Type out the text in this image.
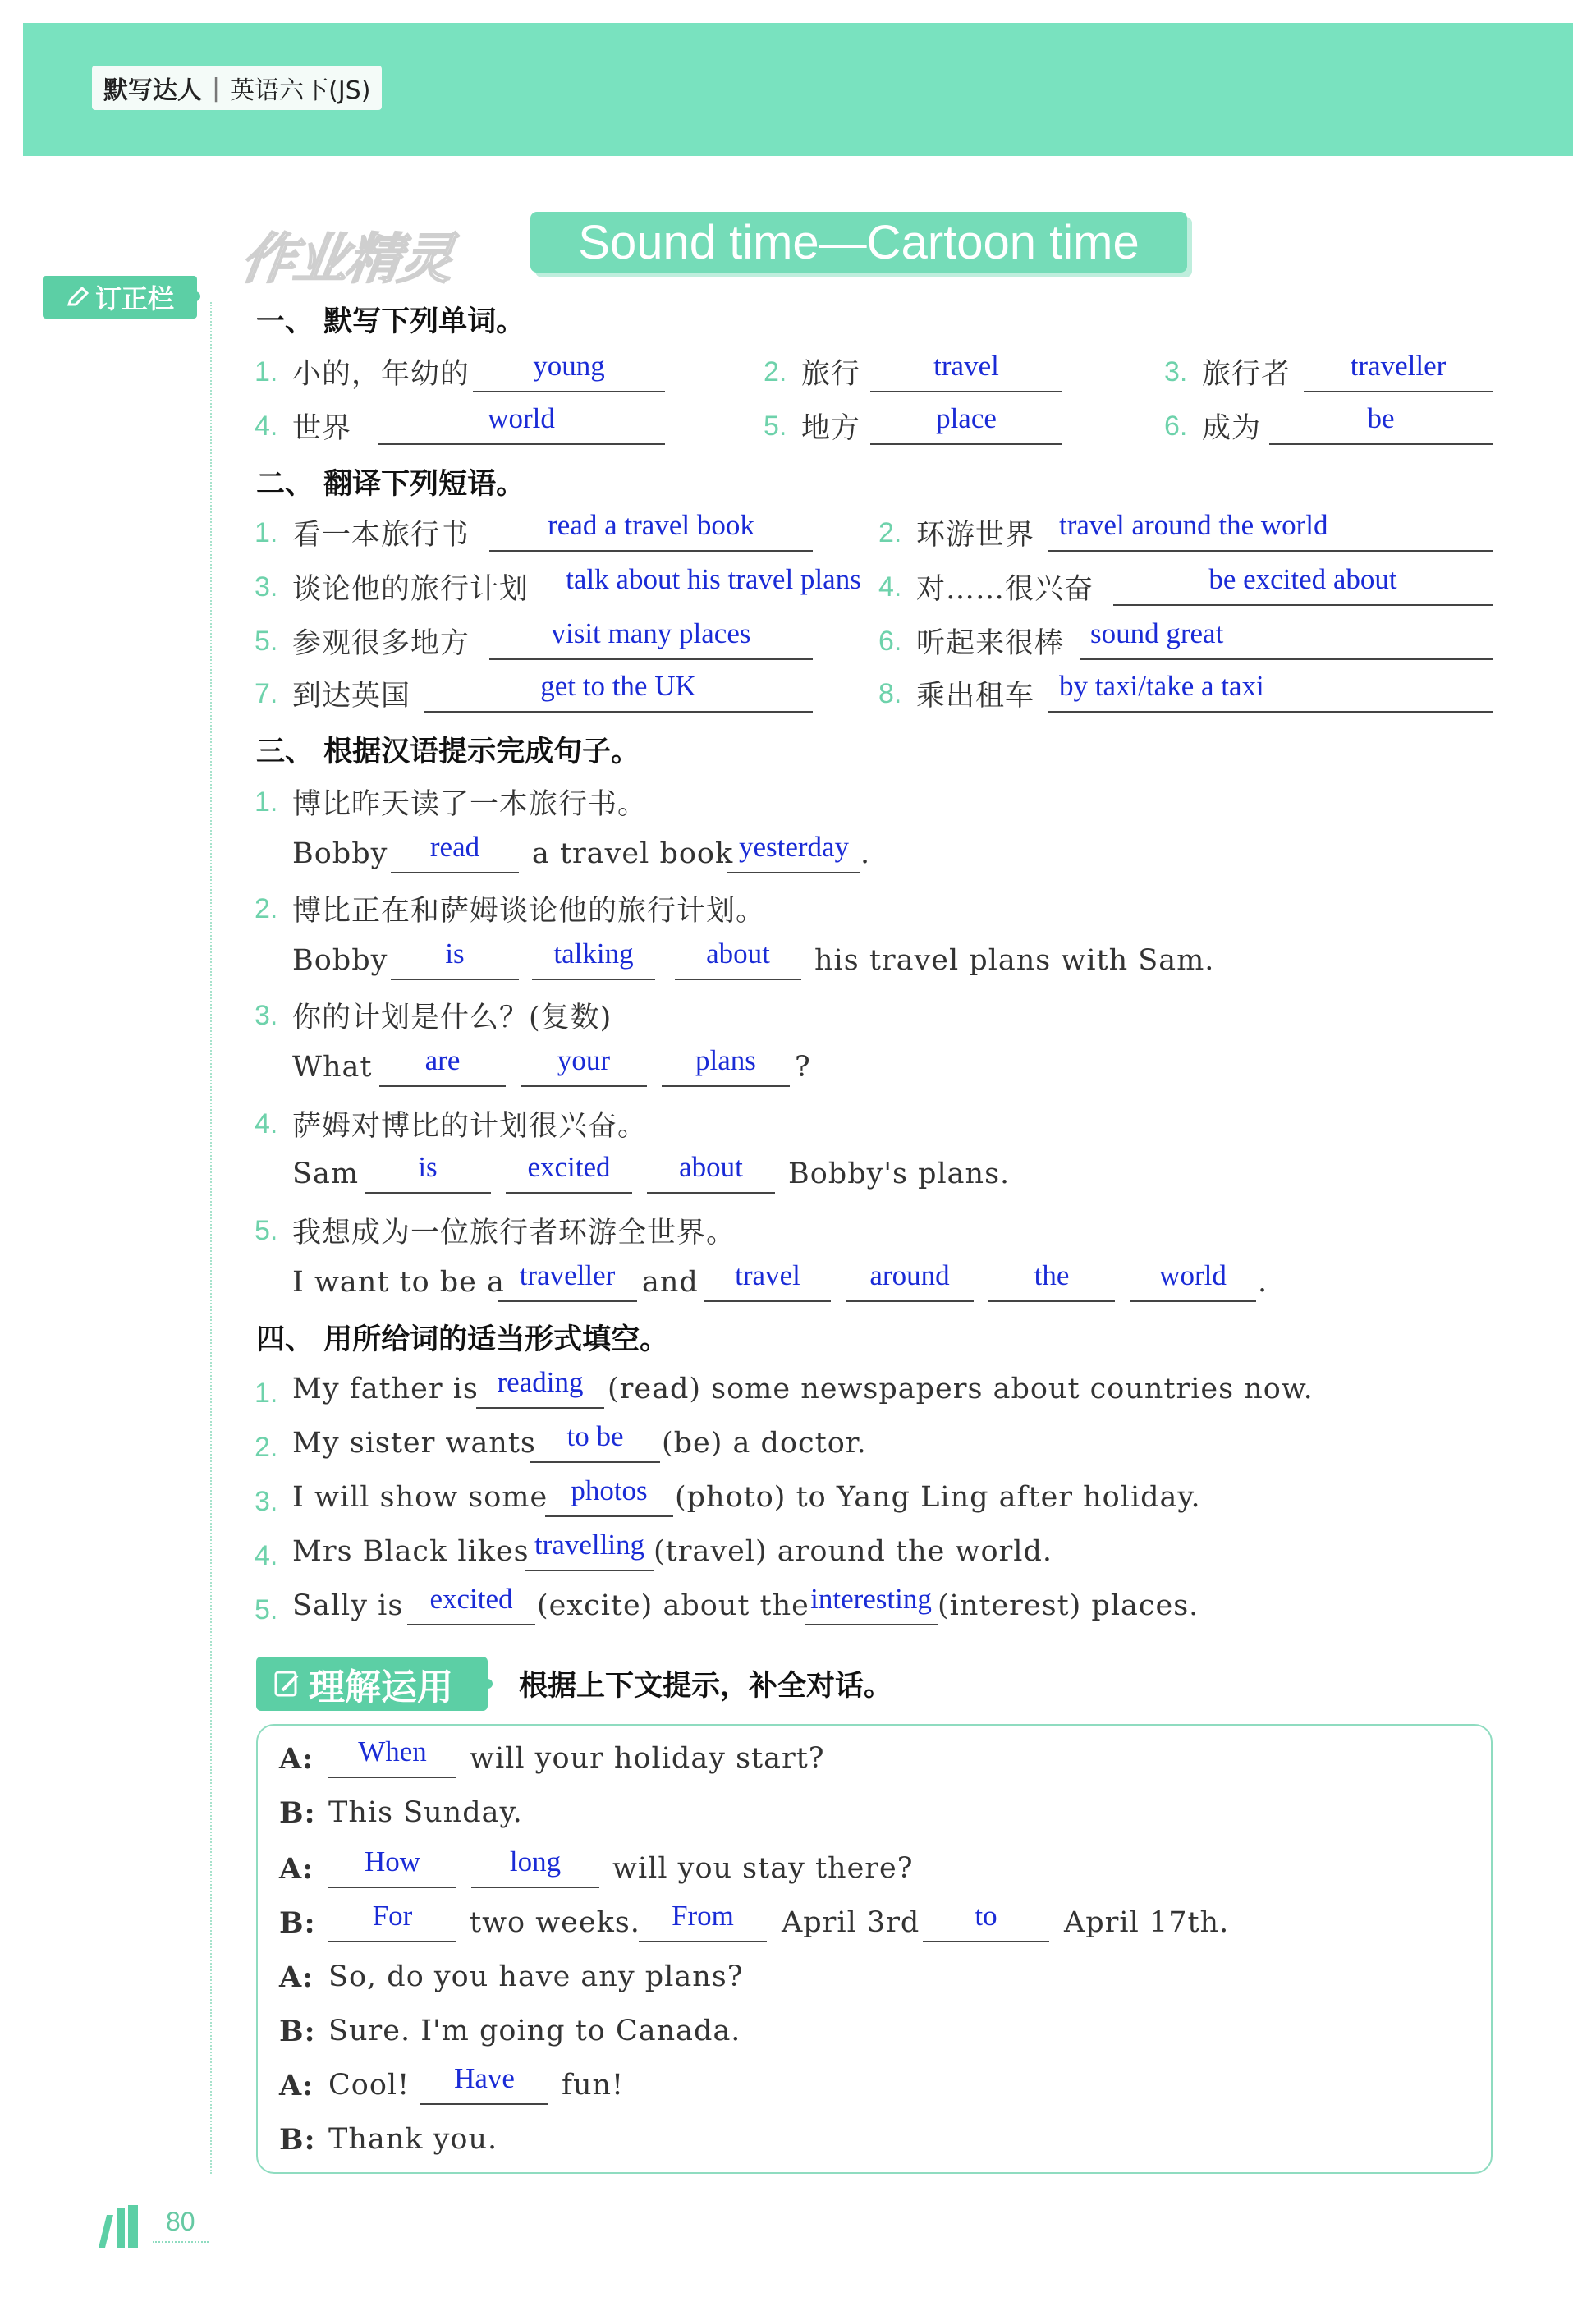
默写达人 | 英语六下(JS)
作业精灵	Sound time—Cartoon time
订正栏
一、 默写下列单词。
1. 小的，年幼的	young	2. 旅行	travel	3. 旅行者	traveller
4. 世界	world	5. 地方	place	6. 成为	be
二、 翻译下列短语。
1. 看一本旅行书	read a travel book	2. 环游世界 travel around the world
3. 谈论他的旅行计划	talk about his travel plans 4. 对……很兴奋	be excited about
5. 参观很多地方	visit many places	6. 听起来很棒 sound great
7. 到达英国	get to the UK	8. 乘出租车 by taxi/take a taxi
三、 根据汉语提示完成句子。
1. 博比昨天读了一本旅行书。
Bobby	read	a travel book yesterday .
2. 博比正在和萨姆谈论他的旅行计划。
Bobby	is	talking	about	his travel plans with Sam.
3. 你的计划是什么？(复数)
What	are	your	plans	?
4. 萨姆对博比的计划很兴奋。
Sam	is	excited	about	Bobby's plans.
5. 我想成为一位旅行者环游全世界。
I want to be a traveller and	travel	around	the	world	.
四、 用所给词的适当形式填空。
1. My father is reading (read) some newspapers about countries now.
2. My sister wants	to be	(be) a doctor.
3. I will show some photos (photo) to Yang Ling after holiday.
4. Mrs Black likes travelling (travel) around the world.
5. Sally is excited (excite) about the interesting (interest) places.
理解运用 根据上下文提示，补全对话。
A:	When	will your holiday start?
B: This Sunday.
A:	How	long	will you stay there?
B:	For	two weeks.	From	April 3rd	to	April 17th.
A: So, do you have any plans?
B: Sure. I'm going to Canada.
A: Cool!	Have	fun!
B: Thank you.
80
